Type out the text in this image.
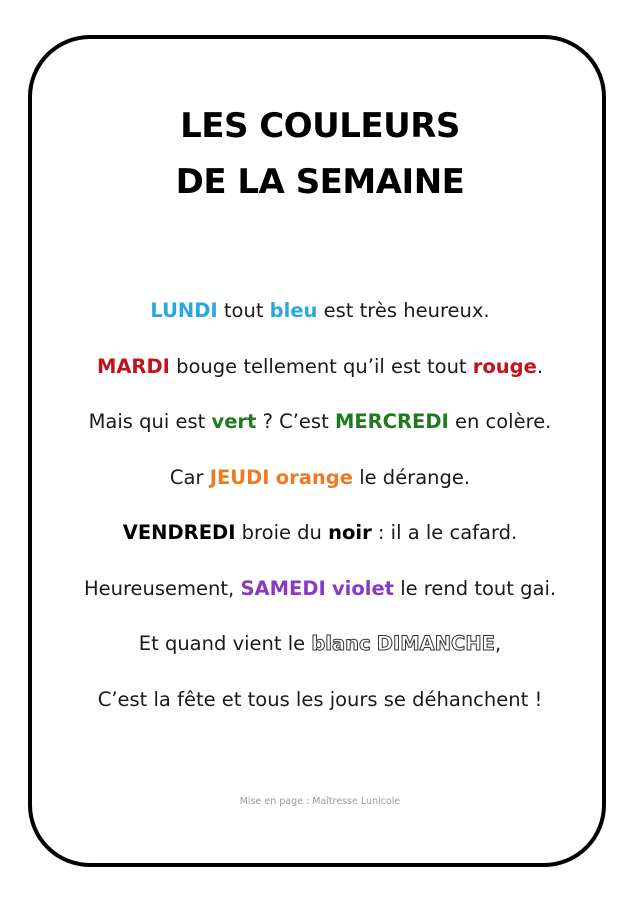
LES COULEURS
DE LA SEMAINE
LUNDI tout bleu est très heureux.
MARDI bouge tellement qu’il est tout rouge.
Mais qui est vert ? C’est MERCREDI en colère.
Car JEUDI orange le dérange.
VENDREDI broie du noir : il a le cafard.
Heureusement, SAMEDI violet le rend tout gai.
Et quand vient le blanc DIMANCHE,
C’est la fête et tous les jours se déhanchent !
Mise en page : Maîtresse Lunicole
